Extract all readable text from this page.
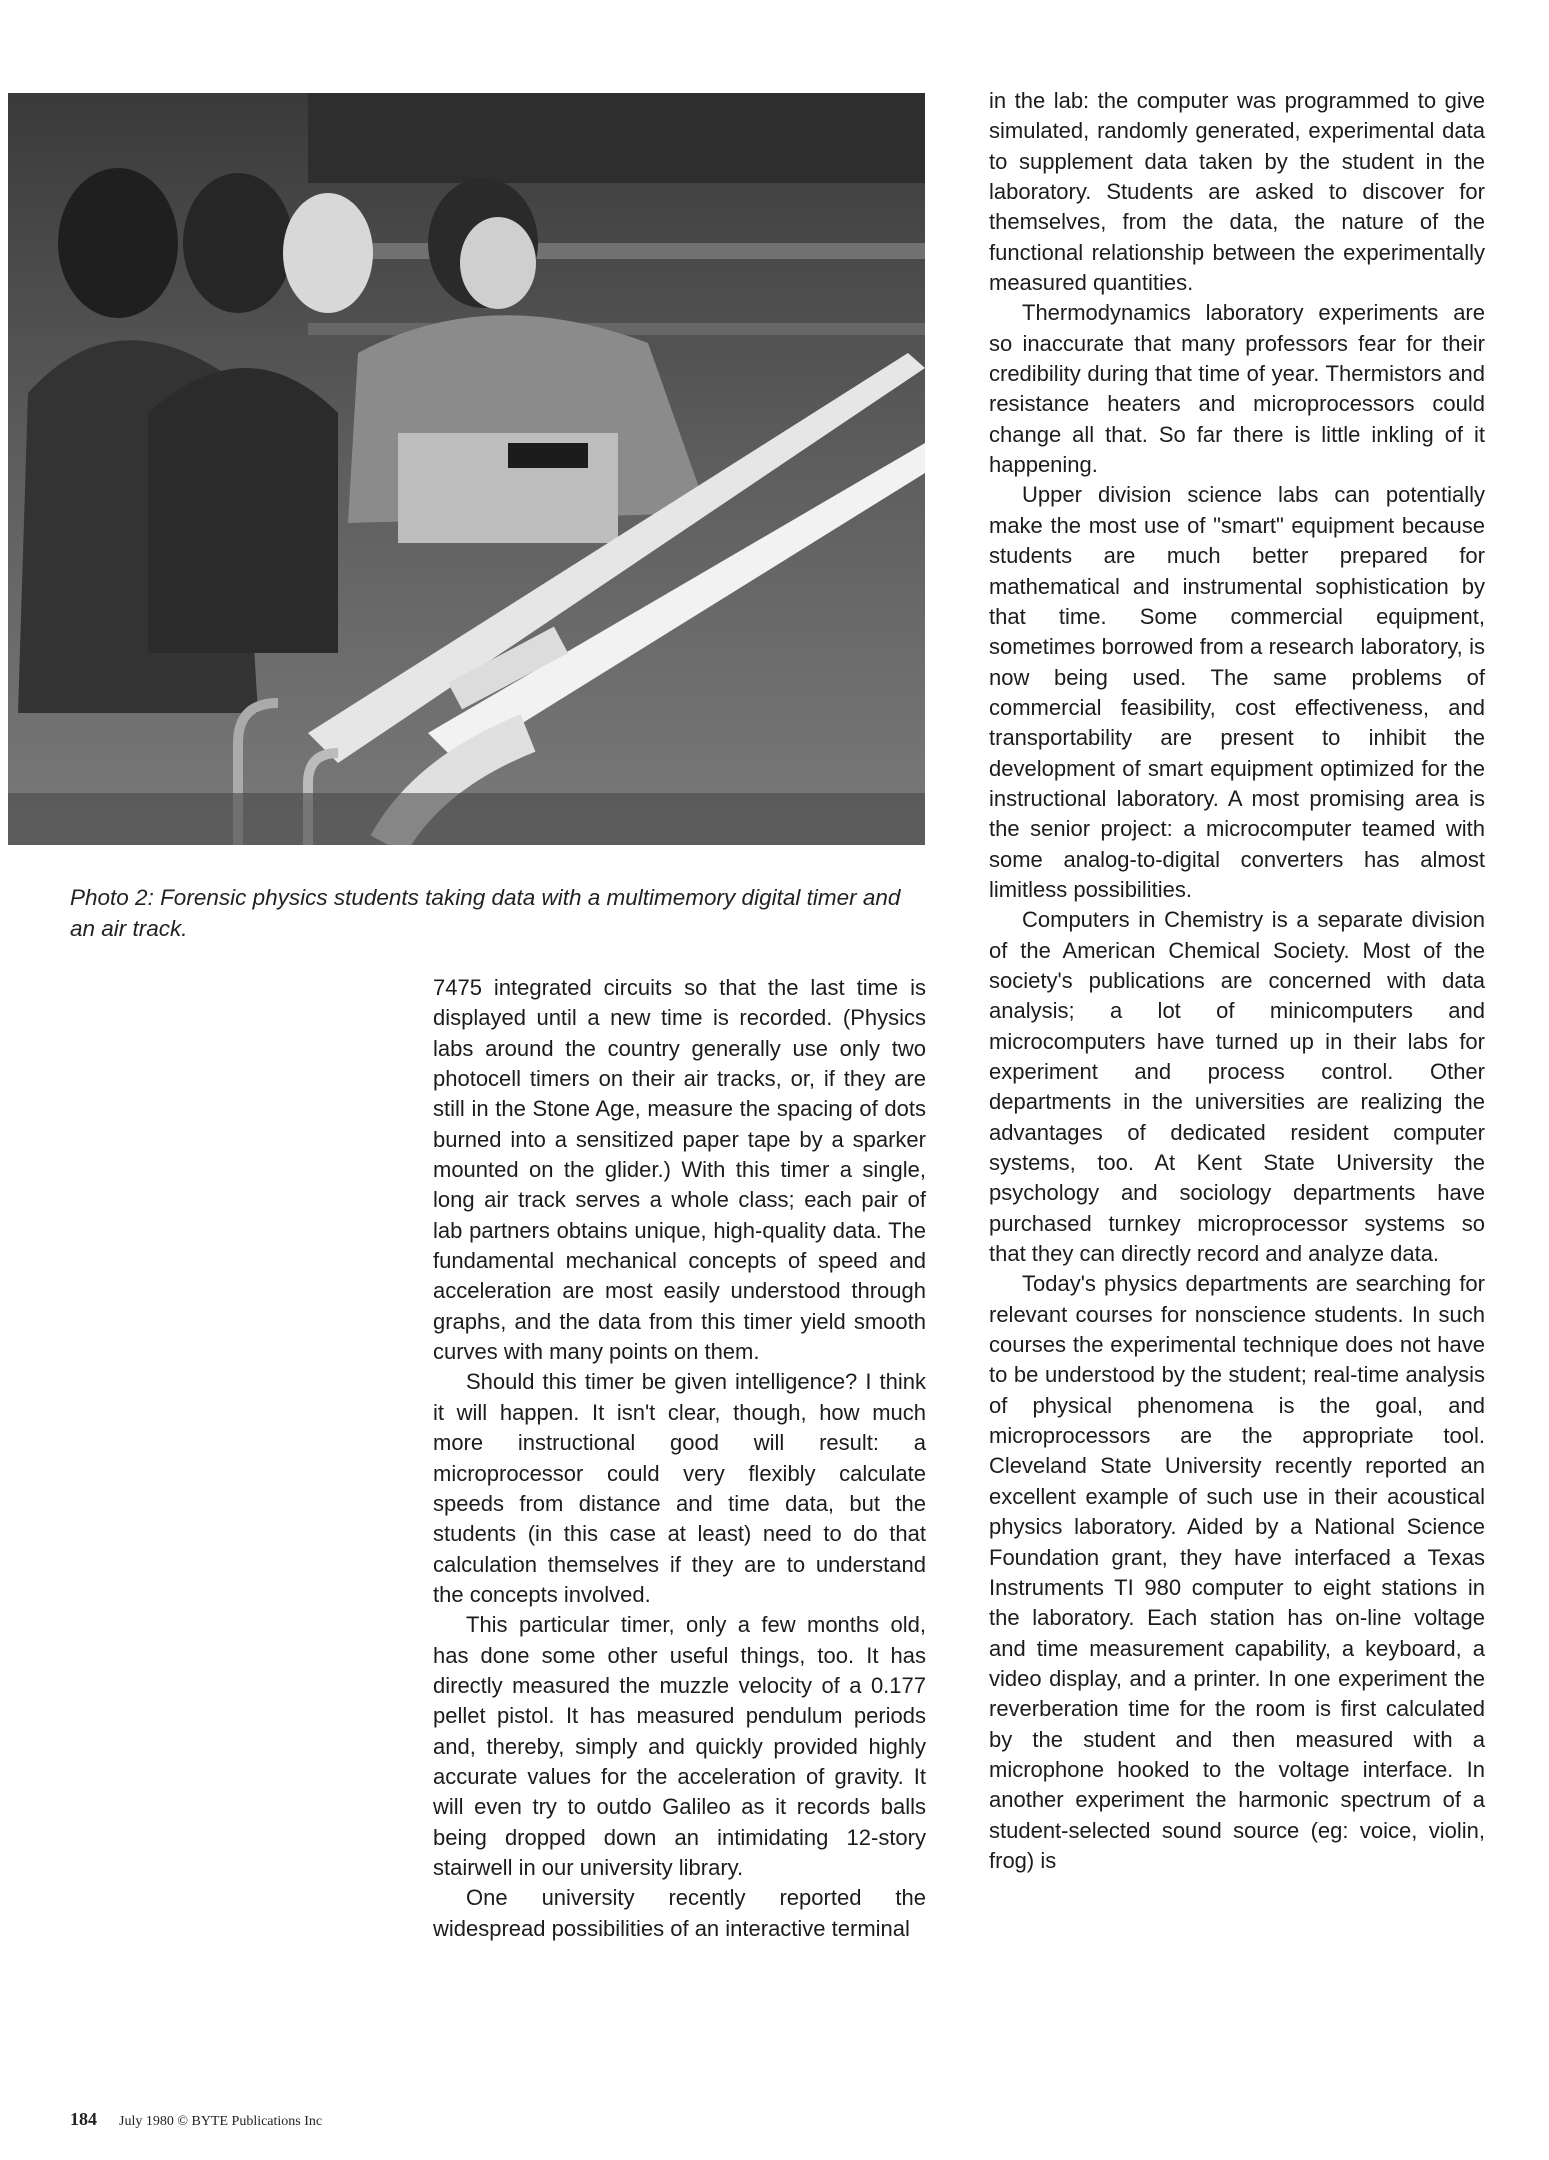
Photo 2: Forensic physics students taking data with a multimemory digital timer and an air track.

7475 integrated circuits so that the last time is displayed until a new time is recorded. (Physics labs around the country generally use only two photocell timers on their air tracks, or, if they are still in the Stone Age, measure the spacing of dots burned into a sensitized paper tape by a sparker mounted on the glider.) With this timer a single, long air track serves a whole class; each pair of lab partners obtains unique, high-quality data. The fundamental mechanical concepts of speed and acceleration are most easily understood through graphs, and the data from this timer yield smooth curves with many points on them.

Should this timer be given intelligence? I think it will happen. It isn't clear, though, how much more instructional good will result: a microprocessor could very flexibly calculate speeds from distance and time data, but the students (in this case at least) need to do that calculation themselves if they are to understand the concepts involved.

This particular timer, only a few months old, has done some other useful things, too. It has directly measured the muzzle velocity of a 0.177 pellet pistol. It has measured pendulum periods and, thereby, simply and quickly provided highly accurate values for the acceleration of gravity. It will even try to outdo Galileo as it records balls being dropped down an intimidating 12-story stairwell in our university library.

One university recently reported the widespread possibilities of an interactive terminal

in the lab: the computer was programmed to give simulated, randomly generated, experimental data to supplement data taken by the student in the laboratory. Students are asked to discover for themselves, from the data, the nature of the functional relationship between the experimentally measured quantities.

Thermodynamics laboratory experiments are so inaccurate that many professors fear for their credibility during that time of year. Thermistors and resistance heaters and microprocessors could change all that. So far there is little inkling of it happening.

Upper division science labs can potentially make the most use of "smart" equipment because students are much better prepared for mathematical and instrumental sophistication by that time. Some commercial equipment, sometimes borrowed from a research laboratory, is now being used. The same problems of commercial feasibility, cost effectiveness, and transportability are present to inhibit the development of smart equipment optimized for the instructional laboratory. A most promising area is the senior project: a microcomputer teamed with some analog-to-digital converters has almost limitless possibilities.

Computers in Chemistry is a separate division of the American Chemical Society. Most of the society's publications are concerned with data analysis; a lot of minicomputers and microcomputers have turned up in their labs for experiment and process control. Other departments in the universities are realizing the advantages of dedicated resident computer systems, too. At Kent State University the psychology and sociology departments have purchased turnkey microprocessor systems so that they can directly record and analyze data.

Today's physics departments are searching for relevant courses for nonscience students. In such courses the experimental technique does not have to be understood by the student; real-time analysis of physical phenomena is the goal, and microprocessors are the appropriate tool. Cleveland State University recently reported an excellent example of such use in their acoustical physics laboratory. Aided by a National Science Foundation grant, they have interfaced a Texas Instruments TI 980 computer to eight stations in the laboratory. Each station has on-line voltage and time measurement capability, a keyboard, a video display, and a printer. In one experiment the reverberation time for the room is first calculated by the student and then measured with a microphone hooked to the voltage interface. In another experiment the harmonic spectrum of a student-selected sound source (eg: voice, violin, frog) is

184 July 1980 © BYTE Publications Inc
